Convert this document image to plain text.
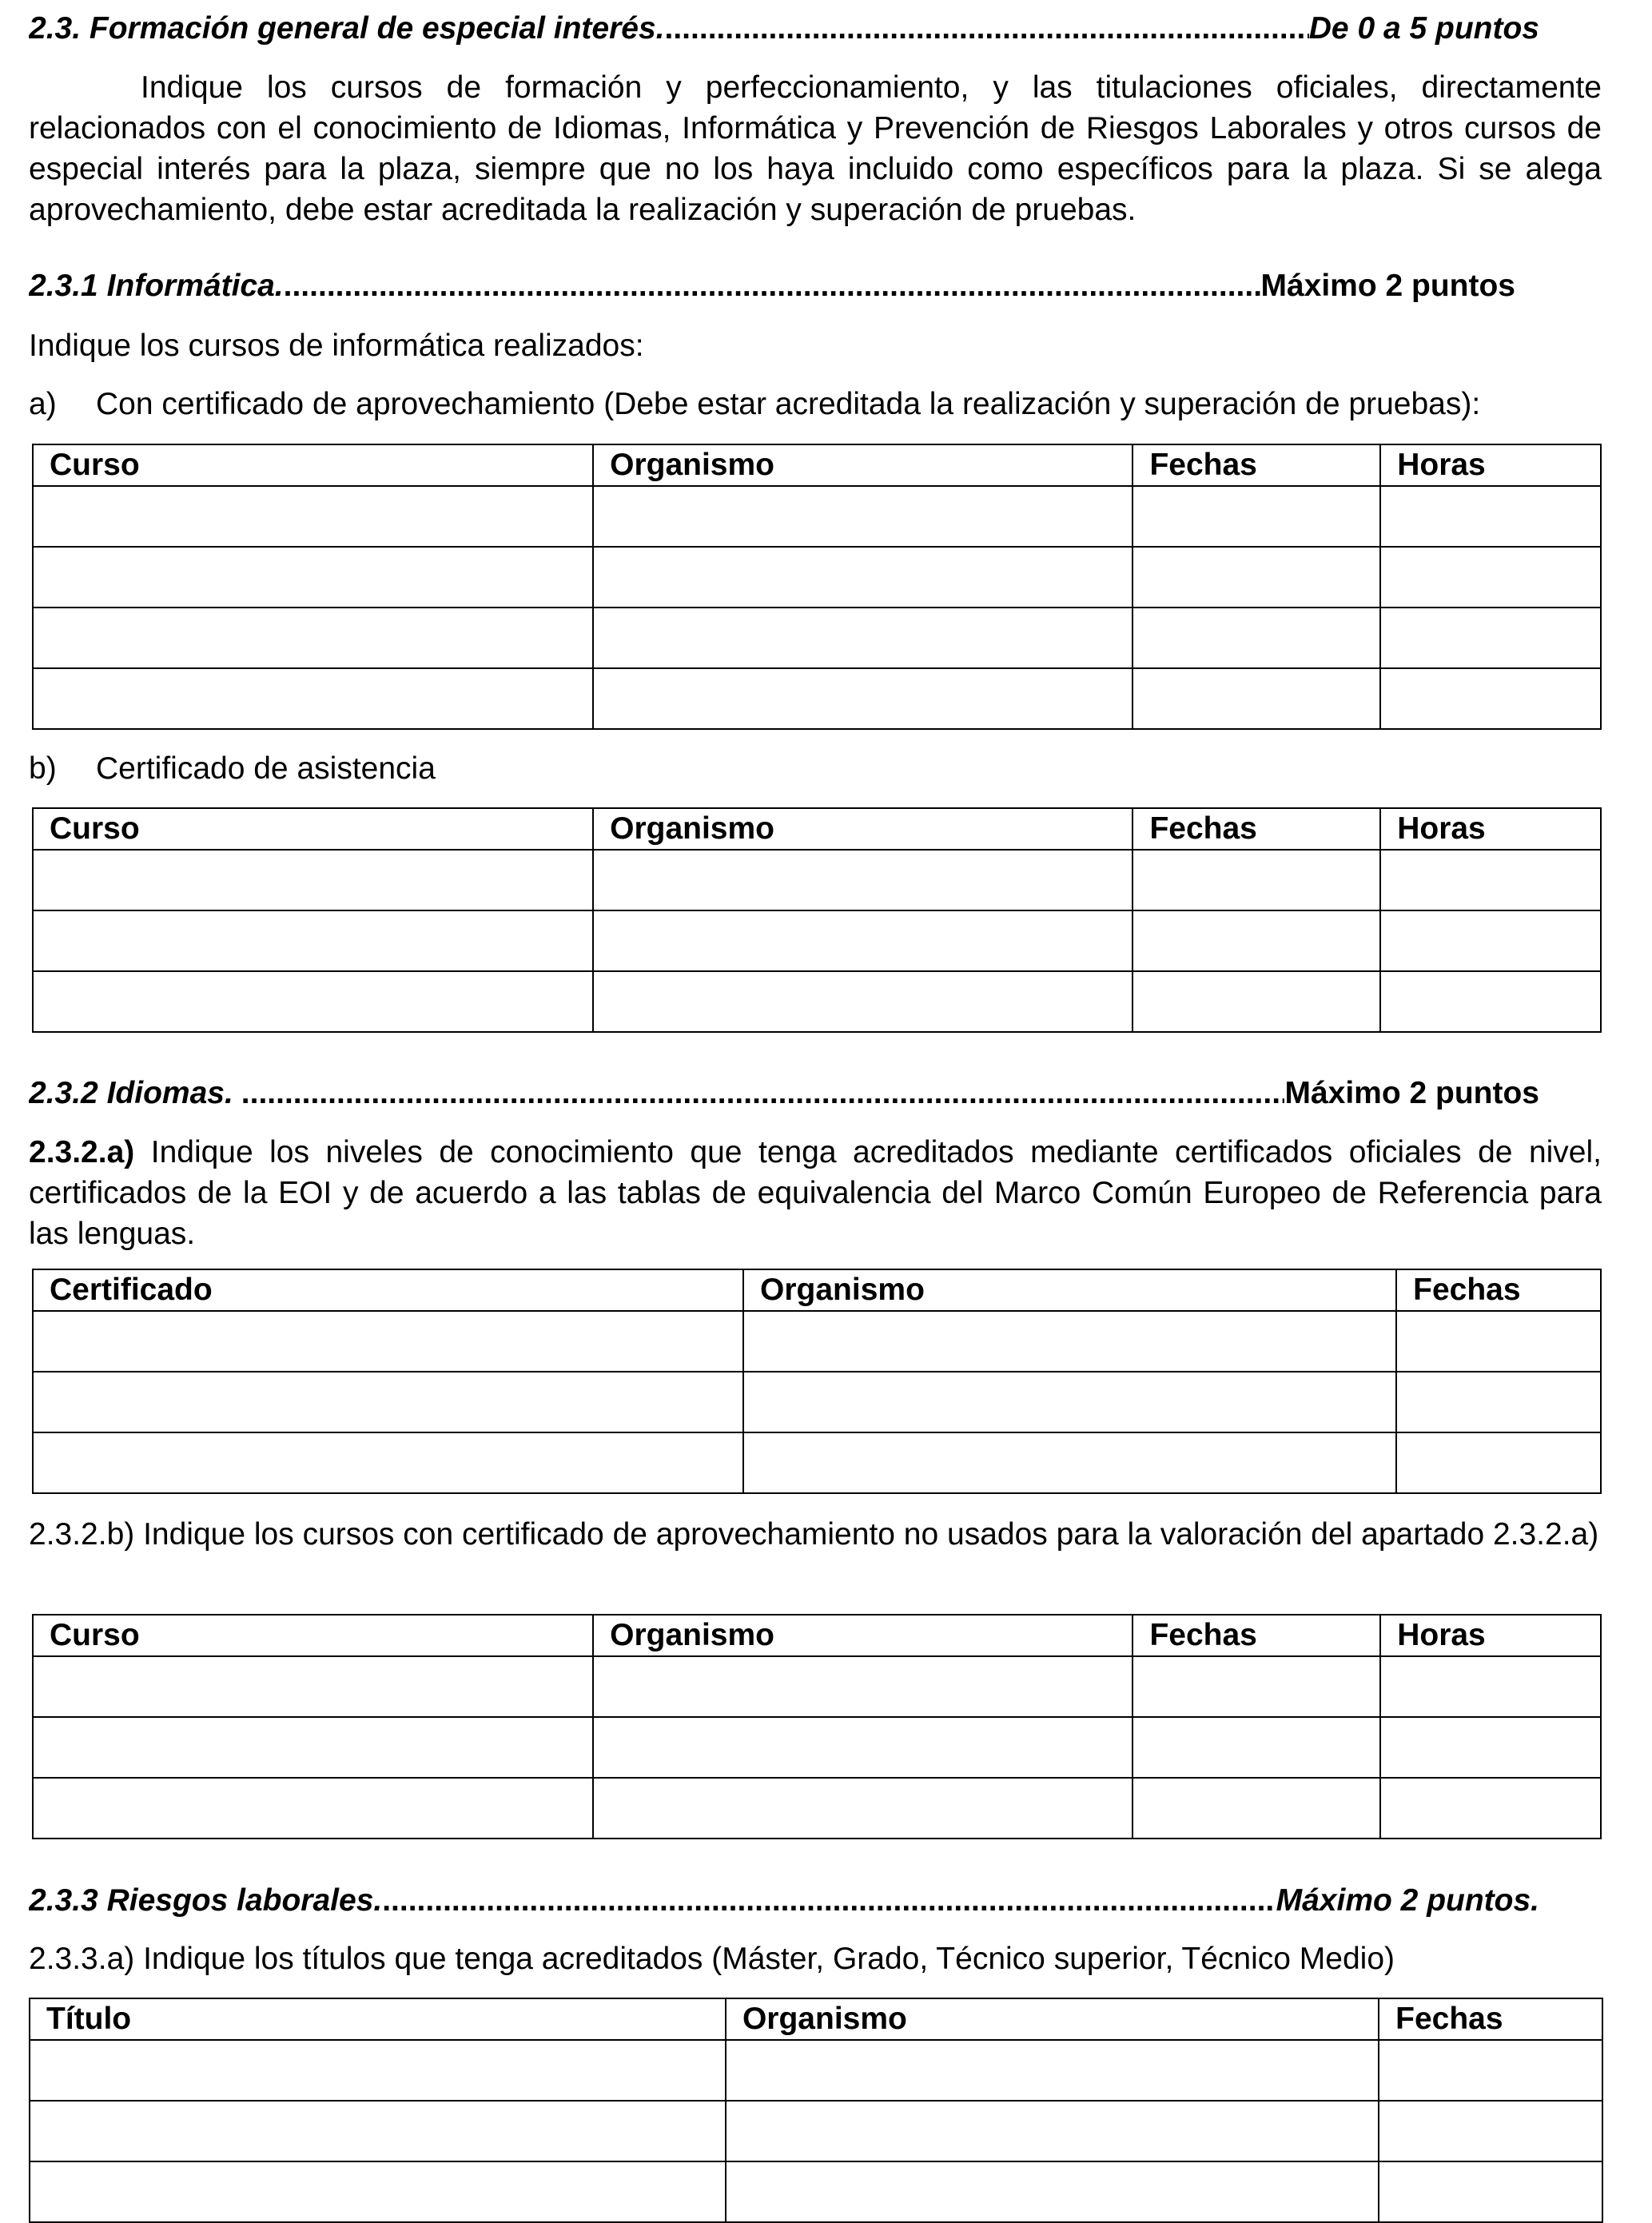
2.3. Formación general de especial interés. .....	De 0 a 5 puntos

Indique los cursos de formación y perfeccionamiento, y las titulaciones oficiales, directamente relacionados con el conocimiento de Idiomas, Informática y Prevención de Riesgos Laborales y otros cursos de especial interés para la plaza, siempre que no los haya incluido como específicos para la plaza. Si se alega aprovechamiento, debe estar acreditada la realización y superación de pruebas.

2.3.1 Informática. .....	Máximo 2 puntos
Indique los cursos de informática realizados:
a) Con certificado de aprovechamiento (Debe estar acreditada la realización y superación de pruebas):
Curso	Organismo	Fechas	Horas

b) Certificado de asistencia
Curso	Organismo	Fechas	Horas

2.3.2 Idiomas. .....	Máximo 2 puntos

2.3.2.a) Indique los niveles de conocimiento que tenga acreditados mediante certificados oficiales de nivel, certificados de la EOI y de acuerdo a las tablas de equivalencia del Marco Común Europeo de Referencia para las lenguas.

Certificado	Organismo	Fechas

2.3.2.b) Indique los cursos con certificado de aprovechamiento no usados para la valoración del apartado 2.3.2.a)

Curso	Organismo	Fechas	Horas

2.3.3 Riesgos laborales. .....	Máximo 2 puntos.
2.3.3.a) Indique los títulos que tenga acreditados (Máster, Grado, Técnico superior, Técnico Medio)
Título	Organismo	Fechas
